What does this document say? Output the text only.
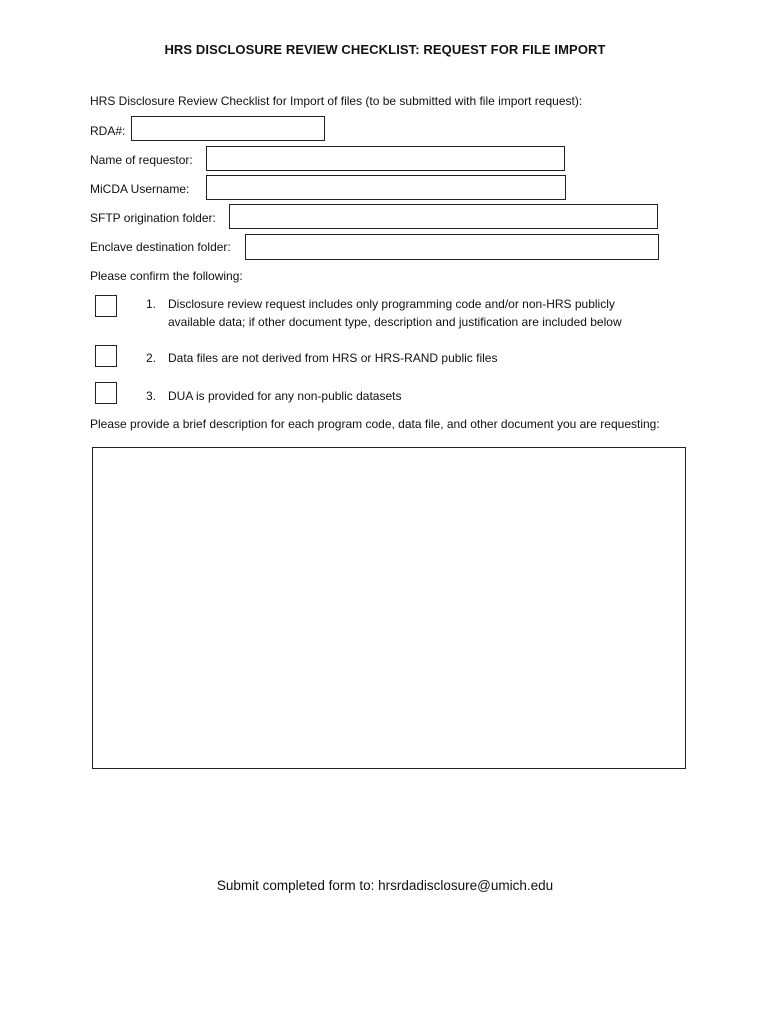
HRS DISCLOSURE REVIEW CHECKLIST: REQUEST FOR FILE IMPORT
HRS Disclosure Review Checklist for Import of files (to be submitted with file import request):
RDA#:
Name of requestor:
MiCDA Username:
SFTP origination folder:
Enclave destination folder:
Please confirm the following:
1. Disclosure review request includes only programming code and/or non-HRS publicly
available data; if other document type, description and justification are included below
2. Data files are not derived from HRS or HRS-RAND public files
3. DUA is provided for any non-public datasets
Please provide a brief description for each program code, data file, and other document you are requesting:
Submit completed form to: hrsrdadisclosure@umich.edu
